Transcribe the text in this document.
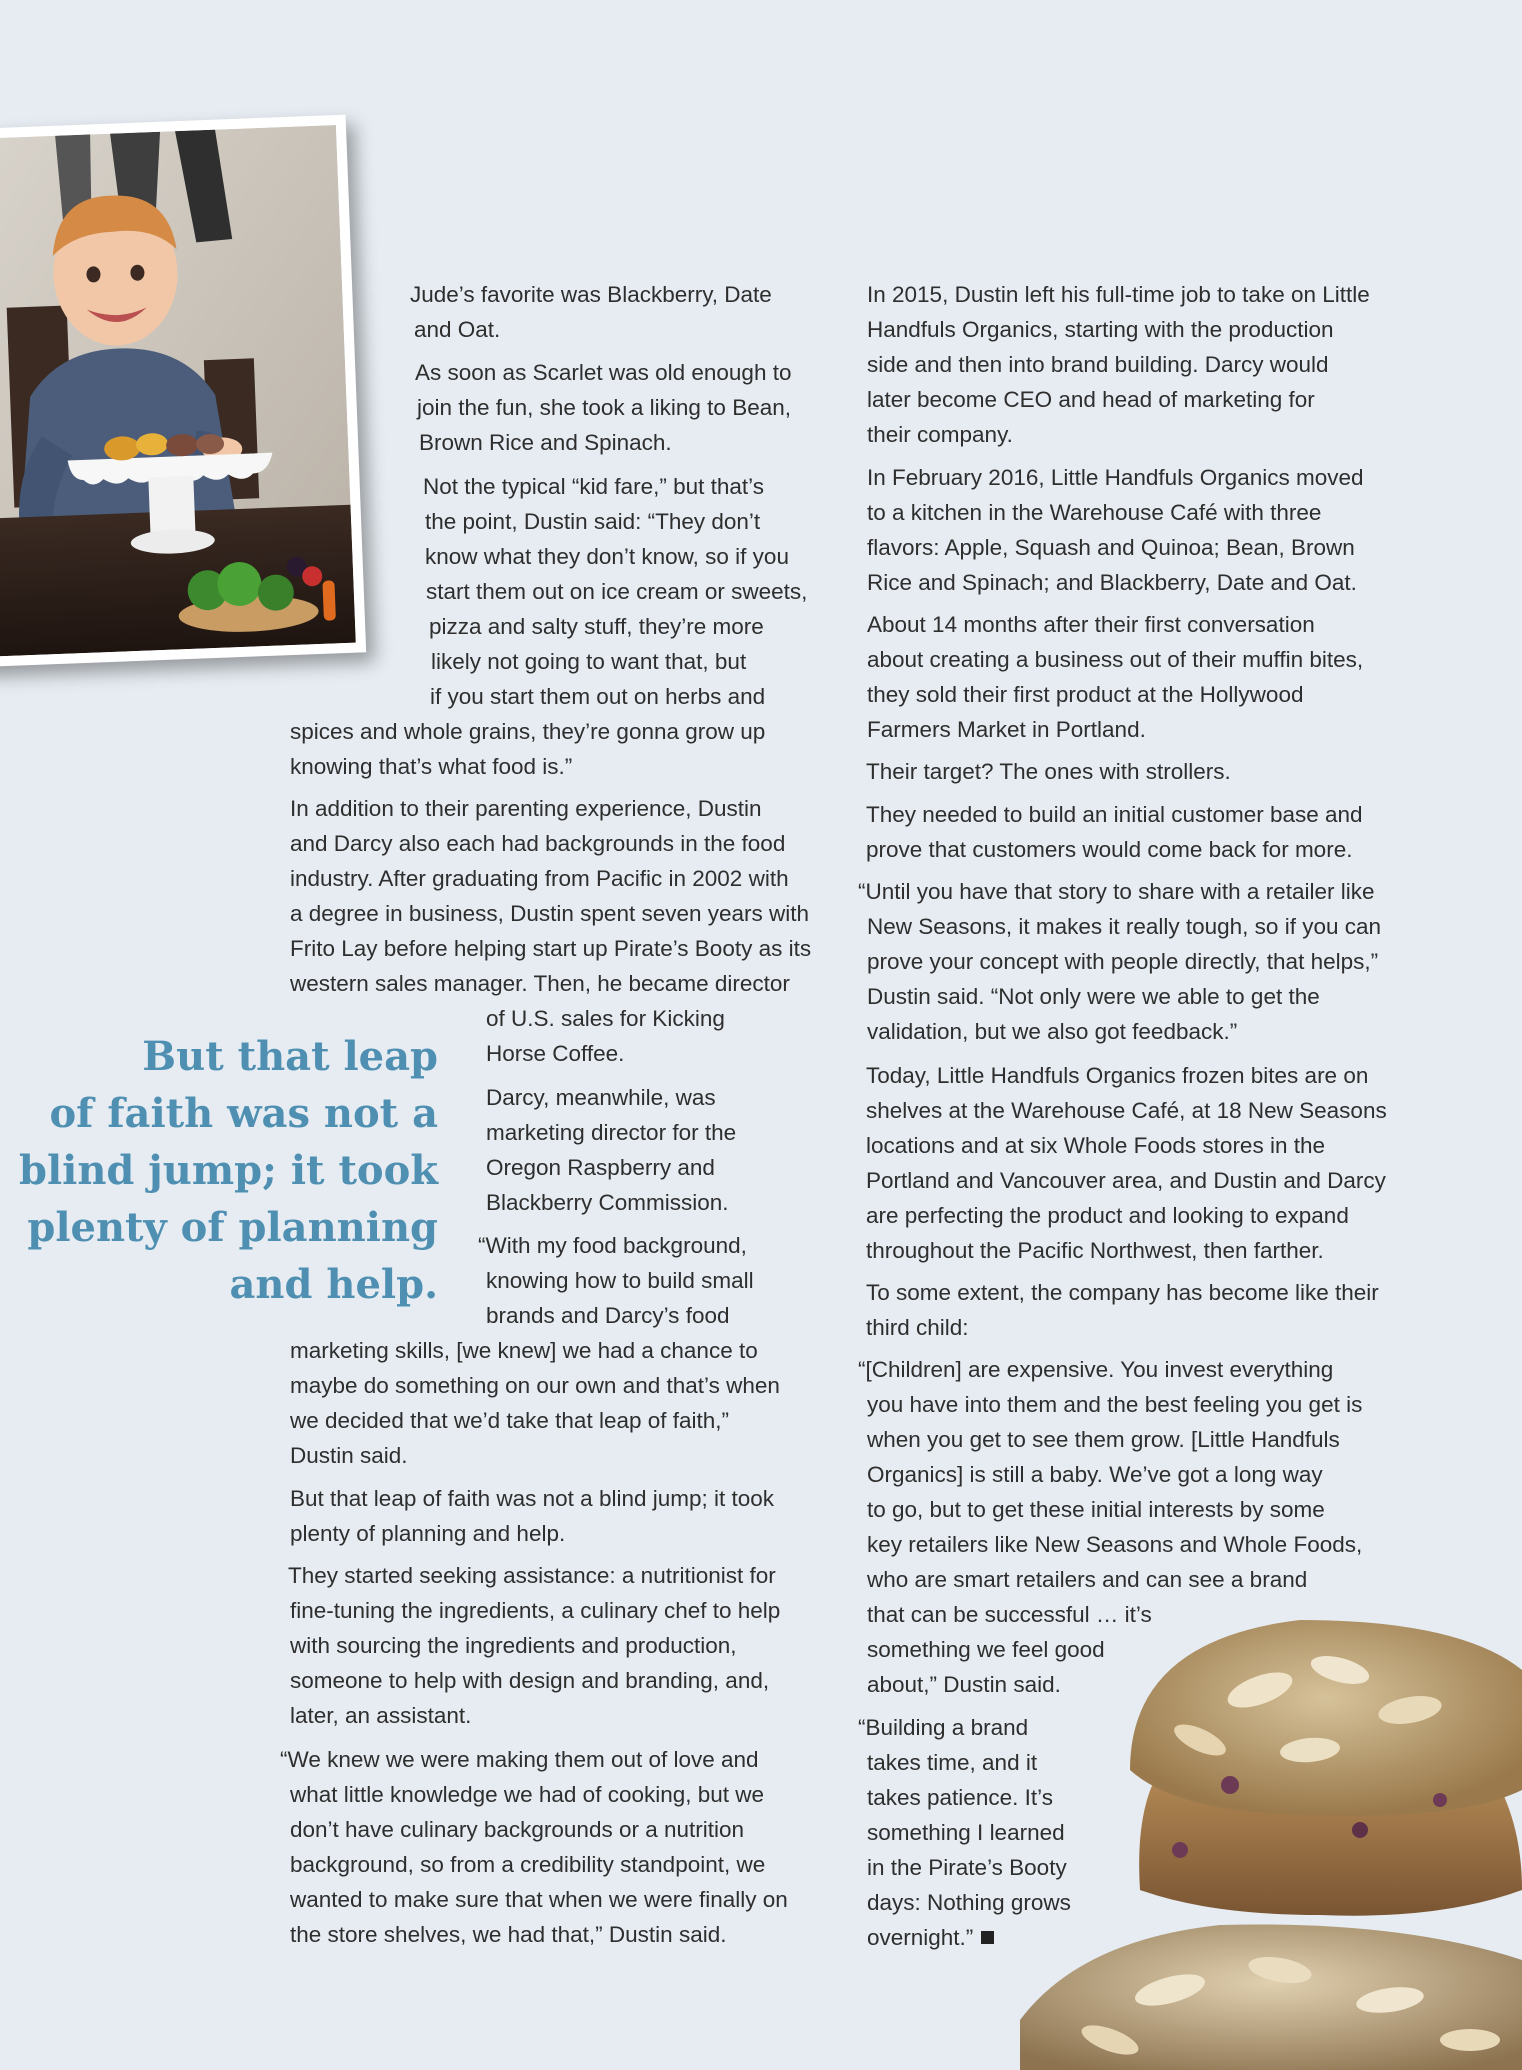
But that leap
of faith was not a
blind jump; it took
plenty of planning
and help.

Jude’s favorite was Blackberry, Date
and Oat.

As soon as Scarlet was old enough to
join the fun, she took a liking to Bean,
Brown Rice and Spinach.

Not the typical “kid fare,” but that’s
the point, Dustin said: “They don’t
know what they don’t know, so if you
start them out on ice cream or sweets,
pizza and salty stuff, they’re more
likely not going to want that, but
if you start them out on herbs and
spices and whole grains, they’re gonna grow up
knowing that’s what food is.”

In addition to their parenting experience, Dustin
and Darcy also each had backgrounds in the food
industry. After graduating from Pacific in 2002 with
a degree in business, Dustin spent seven years with
Frito Lay before helping start up Pirate’s Booty as its
western sales manager. Then, he became director
of U.S. sales for Kicking
Horse Coffee.

Darcy, meanwhile, was
marketing director for the
Oregon Raspberry and
Blackberry Commission.

“With my food background,
knowing how to build small
brands and Darcy’s food
marketing skills, [we knew] we had a chance to
maybe do something on our own and that’s when
we decided that we’d take that leap of faith,”
Dustin said.

But that leap of faith was not a blind jump; it took
plenty of planning and help.

They started seeking assistance: a nutritionist for
fine-tuning the ingredients, a culinary chef to help
with sourcing the ingredients and production,
someone to help with design and branding, and,
later, an assistant.

“We knew we were making them out of love and
what little knowledge we had of cooking, but we
don’t have culinary backgrounds or a nutrition
background, so from a credibility standpoint, we
wanted to make sure that when we were finally on
the store shelves, we had that,” Dustin said.

In 2015, Dustin left his full-time job to take on Little
Handfuls Organics, starting with the production
side and then into brand building. Darcy would
later become CEO and head of marketing for
their company.

In February 2016, Little Handfuls Organics moved
to a kitchen in the Warehouse Café with three
flavors: Apple, Squash and Quinoa; Bean, Brown
Rice and Spinach; and Blackberry, Date and Oat.

About 14 months after their first conversation
about creating a business out of their muffin bites,
they sold their first product at the Hollywood
Farmers Market in Portland.

Their target? The ones with strollers.

They needed to build an initial customer base and
prove that customers would come back for more.

“Until you have that story to share with a retailer like
New Seasons, it makes it really tough, so if you can
prove your concept with people directly, that helps,”
Dustin said. “Not only were we able to get the
validation, but we also got feedback.”

Today, Little Handfuls Organics frozen bites are on
shelves at the Warehouse Café, at 18 New Seasons
locations and at six Whole Foods stores in the
Portland and Vancouver area, and Dustin and Darcy
are perfecting the product and looking to expand
throughout the Pacific Northwest, then farther.

To some extent, the company has become like their
third child:

“[Children] are expensive. You invest everything
you have into them and the best feeling you get is
when you get to see them grow. [Little Handfuls
Organics] is still a baby. We’ve got a long way
to go, but to get these initial interests by some
key retailers like New Seasons and Whole Foods,
who are smart retailers and can see a brand
that can be successful … it’s
something we feel good
about,” Dustin said.

“Building a brand
takes time, and it
takes patience. It’s
something I learned
in the Pirate’s Booty
days: Nothing grows
overnight.”
